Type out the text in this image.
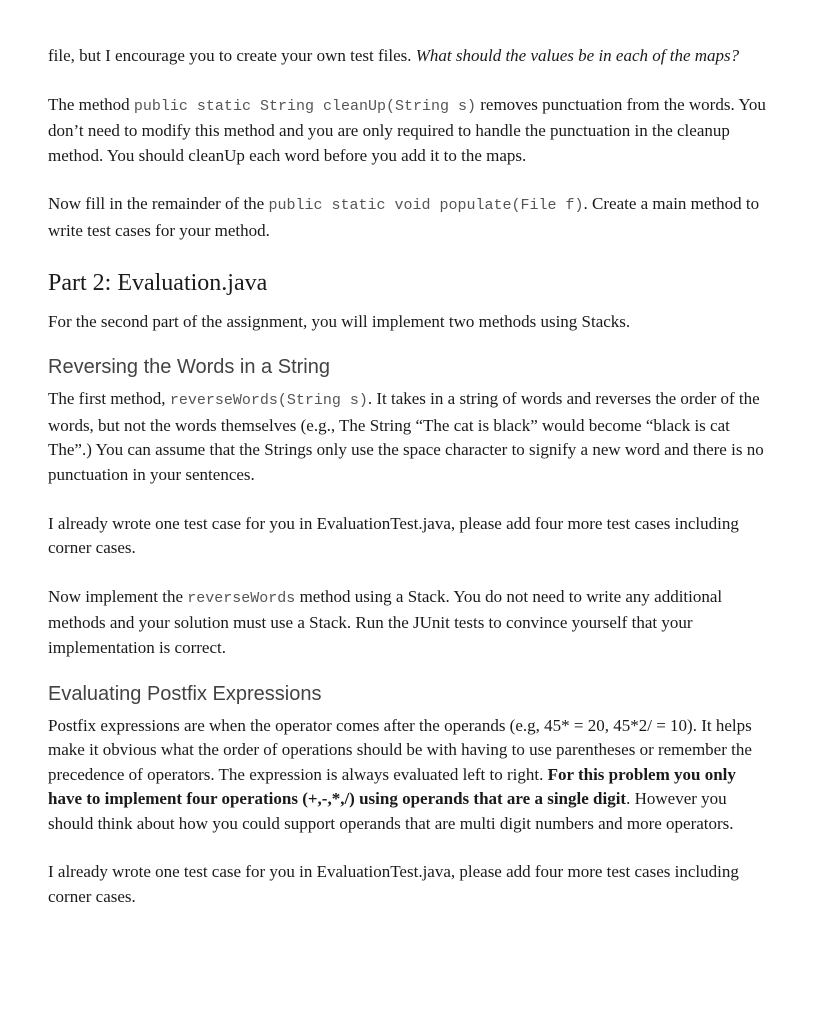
file, but I encourage you to create your own test files. What should the values be in each of the maps?

The method public static String cleanUp(String s) removes punctuation from the words. You don’t need to modify this method and you are only required to handle the punctuation in the cleanup method. You should cleanUp each word before you add it to the maps.

Now fill in the remainder of the public static void populate(File f). Create a main method to write test cases for your method.

Part 2: Evaluation.java

For the second part of the assignment, you will implement two methods using Stacks.

Reversing the Words in a String

The first method, reverseWords(String s). It takes in a string of words and reverses the order of the words, but not the words themselves (e.g., The String “The cat is black” would become “black is cat The”.) You can assume that the Strings only use the space character to signify a new word and there is no punctuation in your sentences.

I already wrote one test case for you in EvaluationTest.java, please add four more test cases including corner cases.

Now implement the reverseWords method using a Stack. You do not need to write any additional methods and your solution must use a Stack. Run the JUnit tests to convince yourself that your implementation is correct.

Evaluating Postfix Expressions

Postfix expressions are when the operator comes after the operands (e.g, 45* = 20, 45*2/ = 10). It helps make it obvious what the order of operations should be with having to use parentheses or remember the precedence of operators. The expression is always evaluated left to right. For this problem you only have to implement four operations (+,-,*,/) using operands that are a single digit. However you should think about how you could support operands that are multi digit numbers and more operators.

I already wrote one test case for you in EvaluationTest.java, please add four more test cases including corner cases.
